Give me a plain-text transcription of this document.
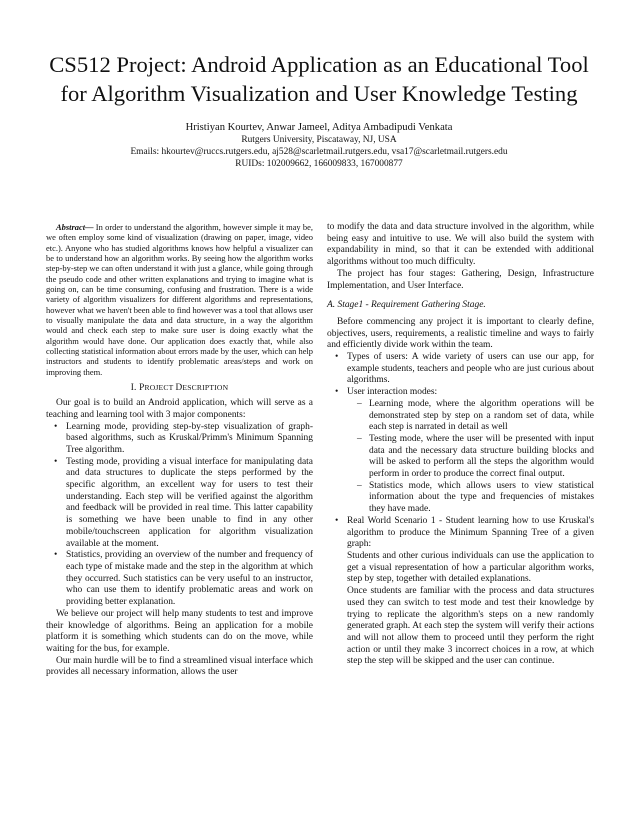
CS512 Project: Android Application as an Educational Tool for Algorithm Visualization and User Knowledge Testing
Hristiyan Kourtev, Anwar Jameel, Aditya Ambadipudi Venkata
Rutgers University, Piscataway, NJ, USA
Emails: hkourtev@ruccs.rutgers.edu, aj528@scarletmail.rutgers.edu, vsa17@scarletmail.rutgers.edu
RUIDs: 102009662, 166009833, 167000877

Abstract— In order to understand the algorithm, however simple it may be, we often employ some kind of visualization (drawing on paper, image, video etc.). Anyone who has studied algorithms knows how helpful a visualizer can be to understand how an algorithm works. By seeing how the algorithm works step-by-step we can often understand it with just a glance, while going through the pseudo code and other written explanations and trying to imagine what is going on, can be time consuming, confusing and frustration. There is a wide variety of algorithm visualizers for different algorithms and representations, however what we haven't been able to find however was a tool that allows user to visually manipulate the data and data structure, in a way the algorithm would and check each step to make sure user is doing exactly what the algorithm would have done. Our application does exactly that, while also collecting statistical information about errors made by the user, which can help instructors and students to identify problematic areas/steps and work on improving them.

I. PROJECT DESCRIPTION

Our goal is to build an Android application, which will serve as a teaching and learning tool with 3 major components:

• Learning mode, providing step-by-step visualization of graph-based algorithms, such as Kruskal/Primm's Minimum Spanning Tree algorithm.
• Testing mode, providing a visual interface for manipulating data and data structures to duplicate the steps performed by the specific algorithm, an excellent way for users to test their understanding. Each step will be verified against the algorithm and feedback will be provided in real time. This latter capability is something we have been unable to find in any other mobile/touchscreen application for algorithm visualization available at the moment.
• Statistics, providing an overview of the number and frequency of each type of mistake made and the step in the algorithm at which they occurred. Such statistics can be very useful to an instructor, who can use them to identify problematic areas and work on providing better explanation.

We believe our project will help many students to test and improve their knowledge of algorithms. Being an application for a mobile platform it is something which students can do on the move, while waiting for the bus, for example.

Our main hurdle will be to find a streamlined visual interface which provides all necessary information, allows the user

to modify the data and data structure involved in the algorithm, while being easy and intuitive to use. We will also build the system with expandability in mind, so that it can be extended with additional algorithms without too much difficulty.

The project has four stages: Gathering, Design, Infrastructure Implementation, and User Interface.

A. Stage1 - Requirement Gathering Stage.

Before commencing any project it is important to clearly define, objectives, users, requirements, a realistic timeline and ways to fairly and efficiently divide work within the team.

• Types of users: A wide variety of users can use our app, for example students, teachers and people who are just curious about algorithms.
• User interaction modes:
– Learning mode, where the algorithm operations will be demonstrated step by step on a random set of data, while each step is narrated in detail as well
– Testing mode, where the user will be presented with input data and the necessary data structure building blocks and will be asked to perform all the steps the algorithm would perform in order to produce the correct final output.
– Statistics mode, which allows users to view statistical information about the type and frequencies of mistakes they have made.
• Real World Scenario 1 - Student learning how to use Kruskal's algorithm to produce the Minimum Spanning Tree of a given graph:
Students and other curious individuals can use the application to get a visual representation of how a particular algorithm works, step by step, together with detailed explanations.
Once students are familiar with the process and data structures used they can switch to test mode and test their knowledge by trying to replicate the algorithm's steps on a new randomly generated graph. At each step the system will verify their actions and will not allow them to proceed until they perform the right action or until they make 3 incorrect choices in a row, at which step the step will be skipped and the user can continue.
